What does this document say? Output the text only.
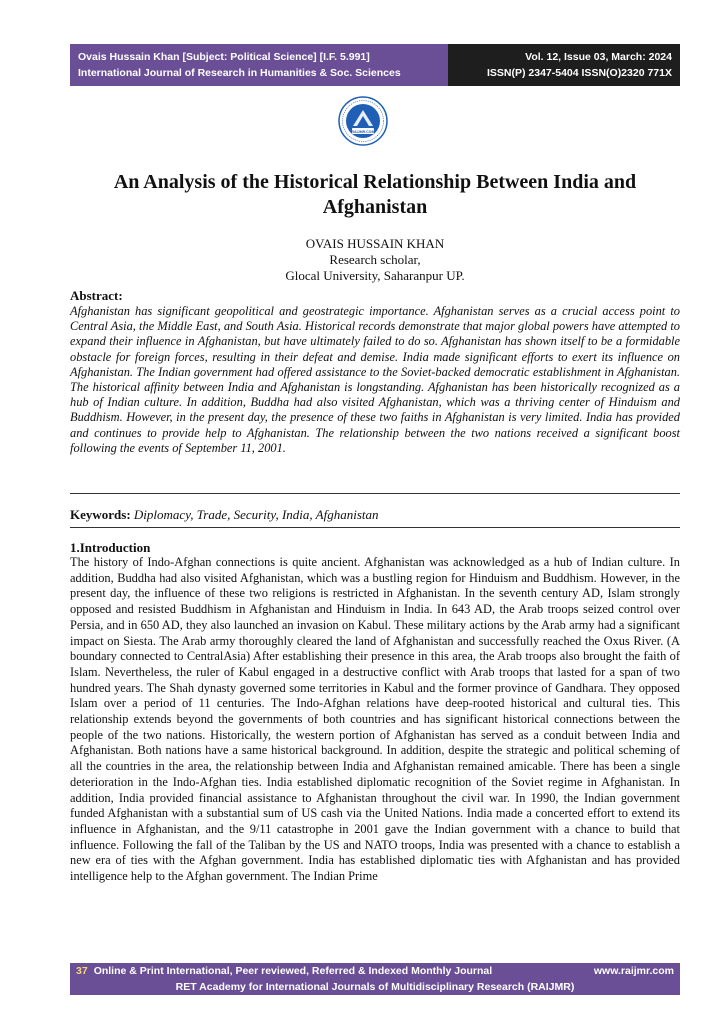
Ovais Hussain Khan [Subject: Political Science] [I.F. 5.991]
International Journal of Research in Humanities & Soc. Sciences
Vol. 12, Issue 03, March: 2024
ISSN(P) 2347-5404 ISSN(O)2320 771X
RAIJMR.COM
An Analysis of the Historical Relationship Between India and Afghanistan
OVAIS HUSSAIN KHAN
Research scholar,
Glocal University, Saharanpur UP.
Abstract:
Afghanistan has significant geopolitical and geostrategic importance. Afghanistan serves as a crucial access point to Central Asia, the Middle East, and South Asia. Historical records demonstrate that major global powers have attempted to expand their influence in Afghanistan, but have ultimately failed to do so. Afghanistan has shown itself to be a formidable obstacle for foreign forces, resulting in their defeat and demise. India made significant efforts to exert its influence on Afghanistan. The Indian government had offered assistance to the Soviet-backed democratic establishment in Afghanistan. The historical affinity between India and Afghanistan is longstanding. Afghanistan has been historically recognized as a hub of Indian culture. In addition, Buddha had also visited Afghanistan, which was a thriving center of Hinduism and Buddhism. However, in the present day, the presence of these two faiths in Afghanistan is very limited. India has provided and continues to provide help to Afghanistan. The relationship between the two nations received a significant boost following the events of September 11, 2001.
Keywords: Diplomacy, Trade, Security, India, Afghanistan
1.Introduction
The history of Indo-Afghan connections is quite ancient. Afghanistan was acknowledged as a hub of Indian culture. In addition, Buddha had also visited Afghanistan, which was a bustling region for Hinduism and Buddhism. However, in the present day, the influence of these two religions is restricted in Afghanistan. In the seventh century AD, Islam strongly opposed and resisted Buddhism in Afghanistan and Hinduism in India. In 643 AD, the Arab troops seized control over Persia, and in 650 AD, they also launched an invasion on Kabul. These military actions by the Arab army had a significant impact on Siesta. The Arab army thoroughly cleared the land of Afghanistan and successfully reached the Oxus River. (A boundary connected to CentralAsia) After establishing their presence in this area, the Arab troops also brought the faith of Islam. Nevertheless, the ruler of Kabul engaged in a destructive conflict with Arab troops that lasted for a span of two hundred years. The Shah dynasty governed some territories in Kabul and the former province of Gandhara. They opposed Islam over a period of 11 centuries. The Indo-Afghan relations have deep-rooted historical and cultural ties. This relationship extends beyond the governments of both countries and has significant historical connections between the people of the two nations. Historically, the western portion of Afghanistan has served as a conduit between India and Afghanistan. Both nations have a same historical background. In addition, despite the strategic and political scheming of all the countries in the area, the relationship between India and Afghanistan remained amicable. There has been a single deterioration in the Indo-Afghan ties. India established diplomatic recognition of the Soviet regime in Afghanistan. In addition, India provided financial assistance to Afghanistan throughout the civil war. In 1990, the Indian government funded Afghanistan with a substantial sum of US cash via the United Nations. India made a concerted effort to extend its influence in Afghanistan, and the 9/11 catastrophe in 2001 gave the Indian government with a chance to build that influence. Following the fall of the Taliban by the US and NATO troops, India was presented with a chance to establish a new era of ties with the Afghan government. India has established diplomatic ties with Afghanistan and has provided intelligence help to the Afghan government. The Indian Prime
37 Online & Print International, Peer reviewed, Referred & Indexed Monthly Journal	www.raijmr.com
RET Academy for International Journals of Multidisciplinary Research (RAIJMR)
